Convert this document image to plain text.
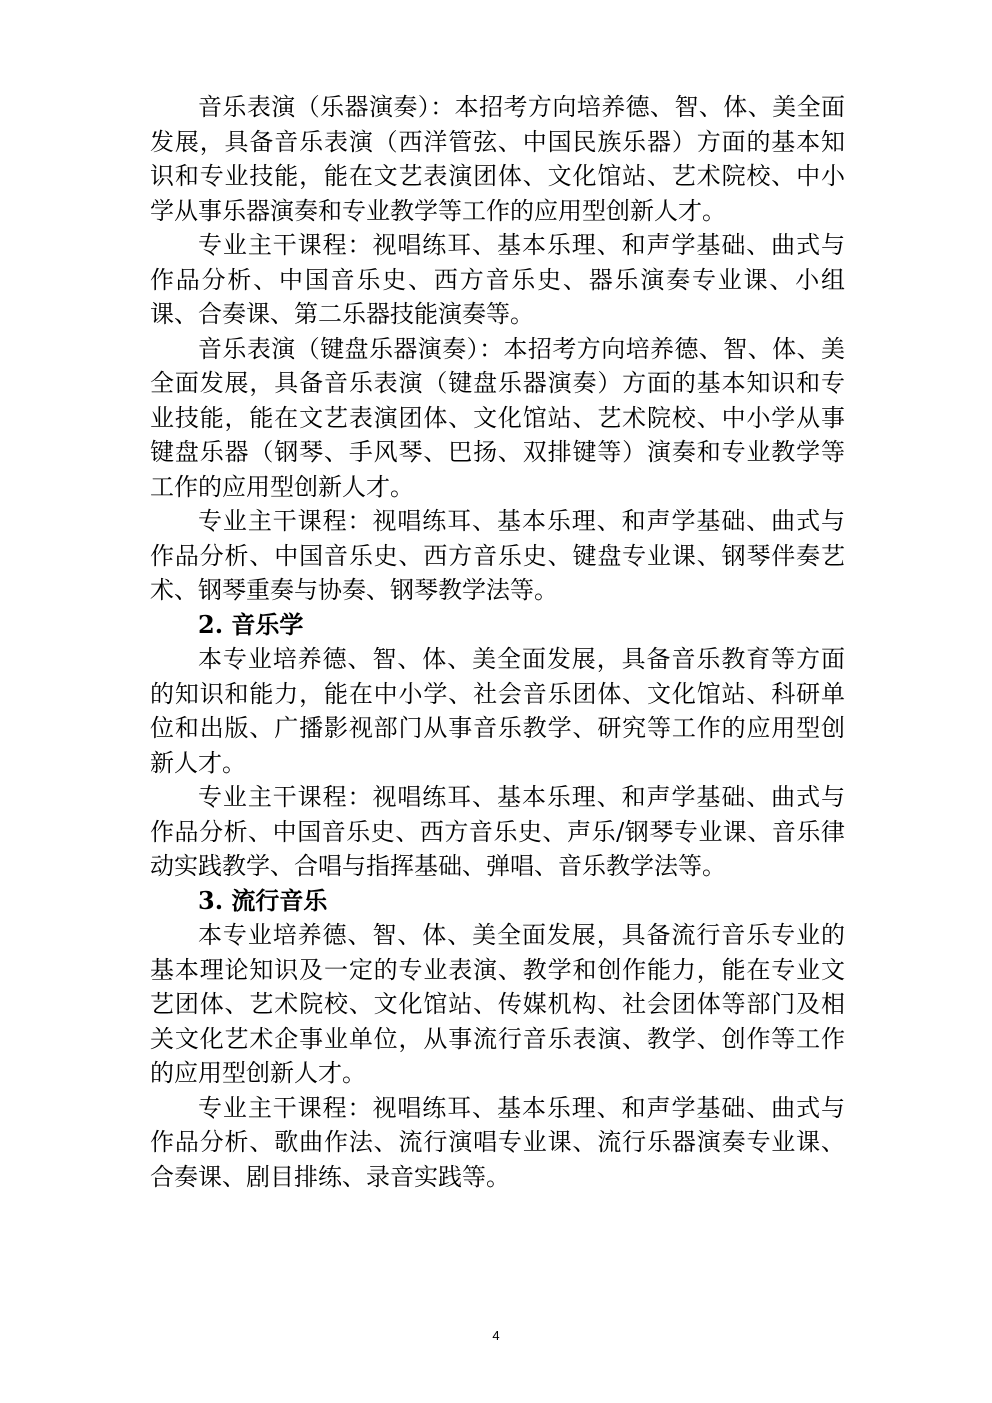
音乐表演（乐器演奏）：本招考方向培养德、智、体、美全面发展，具备音乐表演（西洋管弦、中国民族乐器）方面的基本知识和专业技能，能在文艺表演团体、文化馆站、艺术院校、中小学从事乐器演奏和专业教学等工作的应用型创新人才。

专业主干课程：视唱练耳、基本乐理、和声学基础、曲式与作品分析、中国音乐史、西方音乐史、器乐演奏专业课、小组课、合奏课、第二乐器技能演奏等。

音乐表演（键盘乐器演奏）：本招考方向培养德、智、体、美全面发展，具备音乐表演（键盘乐器演奏）方面的基本知识和专业技能，能在文艺表演团体、文化馆站、艺术院校、中小学从事键盘乐器（钢琴、手风琴、巴扬、双排键等）演奏和专业教学等工作的应用型创新人才。

专业主干课程：视唱练耳、基本乐理、和声学基础、曲式与作品分析、中国音乐史、西方音乐史、键盘专业课、钢琴伴奏艺术、钢琴重奏与协奏、钢琴教学法等。

2. 音乐学

本专业培养德、智、体、美全面发展，具备音乐教育等方面的知识和能力，能在中小学、社会音乐团体、文化馆站、科研单位和出版、广播影视部门从事音乐教学、研究等工作的应用型创新人才。

专业主干课程：视唱练耳、基本乐理、和声学基础、曲式与作品分析、中国音乐史、西方音乐史、声乐/钢琴专业课、音乐律动实践教学、合唱与指挥基础、弹唱、音乐教学法等。

3. 流行音乐

本专业培养德、智、体、美全面发展，具备流行音乐专业的基本理论知识及一定的专业表演、教学和创作能力，能在专业文艺团体、艺术院校、文化馆站、传媒机构、社会团体等部门及相关文化艺术企事业单位，从事流行音乐表演、教学、创作等工作的应用型创新人才。

专业主干课程：视唱练耳、基本乐理、和声学基础、曲式与作品分析、歌曲作法、流行演唱专业课、流行乐器演奏专业课、合奏课、剧目排练、录音实践等。

4
